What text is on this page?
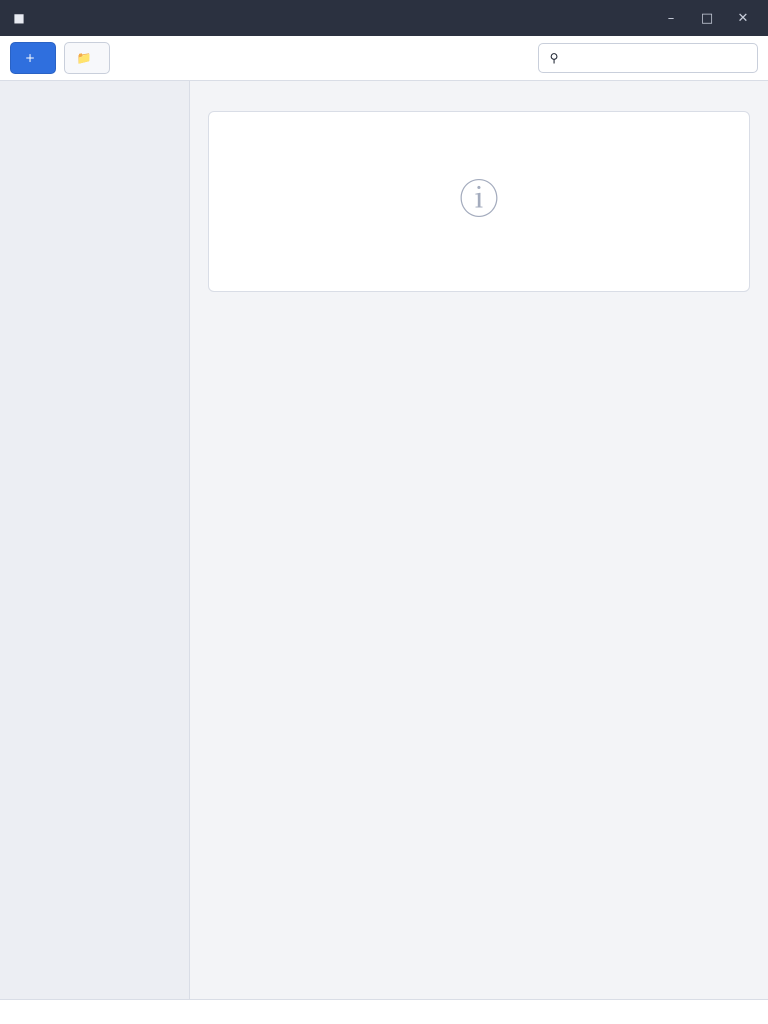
■	–	□	✕
+	📁	⚲
ⓘ
